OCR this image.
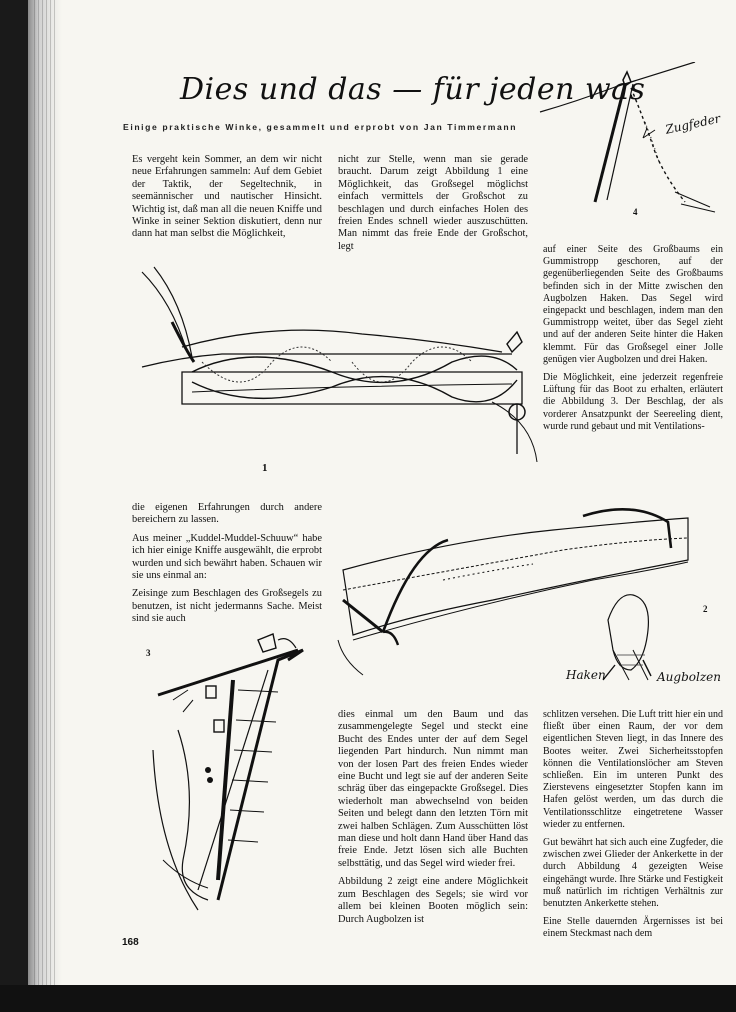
Dies und das — für jeden was
Einige praktische Winke, gesammelt und erprobt von Jan Timmermann

Es vergeht kein Sommer, an dem wir nicht neue Erfahrungen sammeln: Auf dem Gebiet der Taktik, der Segeltechnik, in seemännischer und nautischer Hinsicht. Wichtig ist, daß man all die neuen Kniffe und Winke in seiner Sektion diskutiert, denn nur dann hat man selbst die Möglichkeit,

nicht zur Stelle, wenn man sie gerade braucht. Darum zeigt Abbildung 1 eine Möglichkeit, das Großsegel möglichst einfach vermittels der Großschot zu beschlagen und durch einfaches Holen des freien Endes schnell wieder auszuschütten. Man nimmt das freie Ende der Großschot, legt	auf einer Seite des Großbaums ein Gummistropp geschoren, auf der gegenüberliegenden Seite des Großbaums befinden sich in der Mitte zwischen den Augbolzen Haken. Das Segel wird eingepackt und beschlagen, indem man den Gummistropp weitet, über das Segel zieht und auf der anderen Seite hinter die Haken klemmt. Für das Großsegel einer Jolle genügen vier Augbolzen und drei Haken.

Die Möglichkeit, eine jederzeit regenfreie Lüftung für das Boot zu erhalten, erläutert die Abbildung 3. Der Beschlag, der als vorderer Ansatzpunkt der Seereeling dient, wurde rund gebaut und mit Ventilations-

Zugfeder
4
1

die eigenen Erfahrungen durch andere bereichern zu lassen.

Aus meiner „Kuddel-Muddel-Schuuw“ habe ich hier einige Kniffe ausgewählt, die erprobt wurden und sich bewährt haben. Schauen wir sie uns einmal an:

Zeisinge zum Beschlagen des Großsegels zu benutzen, ist nicht jedermanns Sache. Meist sind sie auch

2
Haken	Augbolzen
3

dies einmal um den Baum und das zusammengelegte Segel und steckt eine Bucht des Endes unter der auf dem Segel liegenden Part hindurch. Nun nimmt man von der losen Part des freien Endes wieder eine Bucht und legt sie auf der anderen Seite schräg über das eingepackte Großsegel. Dies wiederholt man abwechselnd von beiden Seiten und belegt dann den letzten Törn mit zwei halben Schlägen. Zum Ausschütten löst man diese und holt dann Hand über Hand das freie Ende. Jetzt lösen sich alle Buchten selbsttätig, und das Segel wird wieder frei.

Abbildung 2 zeigt eine andere Möglichkeit zum Beschlagen des Segels; sie wird vor allem bei kleinen Booten möglich sein: Durch Augbolzen ist

schlitzen versehen. Die Luft tritt hier ein und fließt über einen Raum, der vor dem eigentlichen Steven liegt, in das Innere des Bootes weiter. Zwei Sicherheitsstopfen können die Ventilationslöcher am Steven schließen. Ein im unteren Punkt des Zierstevens eingesetzter Stopfen kann im Hafen gelöst werden, um das durch die Ventilationsschlitze eingetretene Wasser wieder zu entfernen.

Gut bewährt hat sich auch eine Zugfeder, die zwischen zwei Glieder der Ankerkette in der durch Abbildung 4 gezeigten Weise eingehängt wurde. Ihre Stärke und Festigkeit muß natürlich im richtigen Verhältnis zur benutzten Ankerkette stehen.

Eine Stelle dauernden Ärgernisses ist bei einem Steckmast nach dem

168
